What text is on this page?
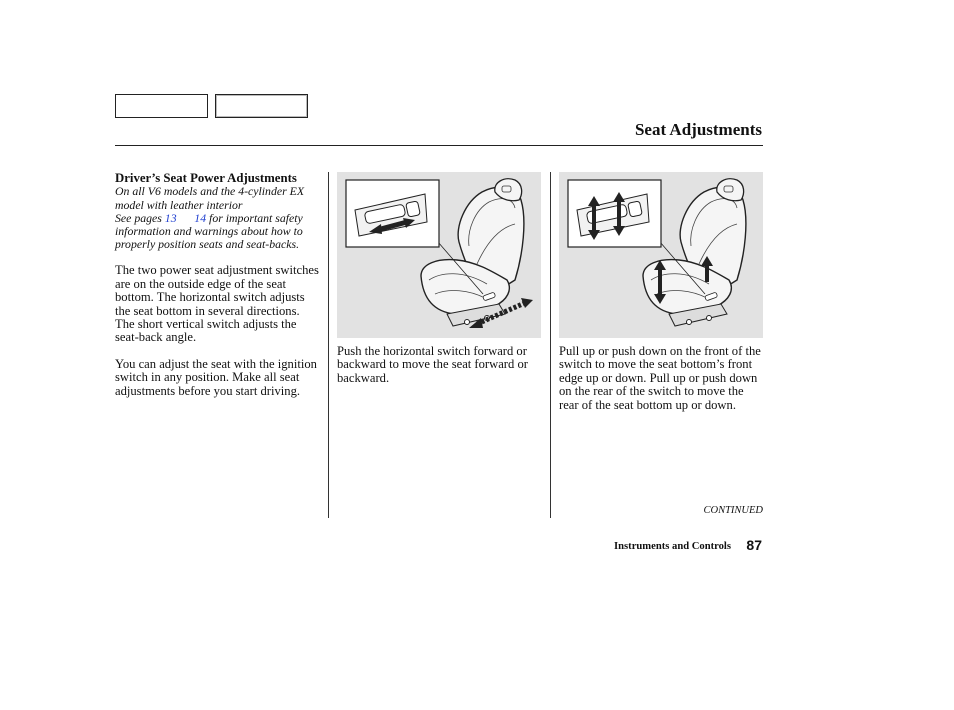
Seat Adjustments
Driver’s Seat Power Adjustments
On all V6 models and the 4-cylinder EX
model with leather interior
See pages 13 14 for important safety
information and warnings about how to
properly position seats and seat-backs.

The two power seat adjustment switches are on the outside edge of the seat bottom. The horizontal switch adjusts the seat bottom in several directions. The short vertical switch adjusts the seat-back angle.

You can adjust the seat with the ignition switch in any position. Make all seat adjustments before you start driving.

Push the horizontal switch forward or backward to move the seat forward or backward.

Pull up or push down on the front of the switch to move the seat bottom’s front edge up or down. Pull up or push down on the rear of the switch to move the rear of the seat bottom up or down.

CONTINUED
Instruments and Controls 87
